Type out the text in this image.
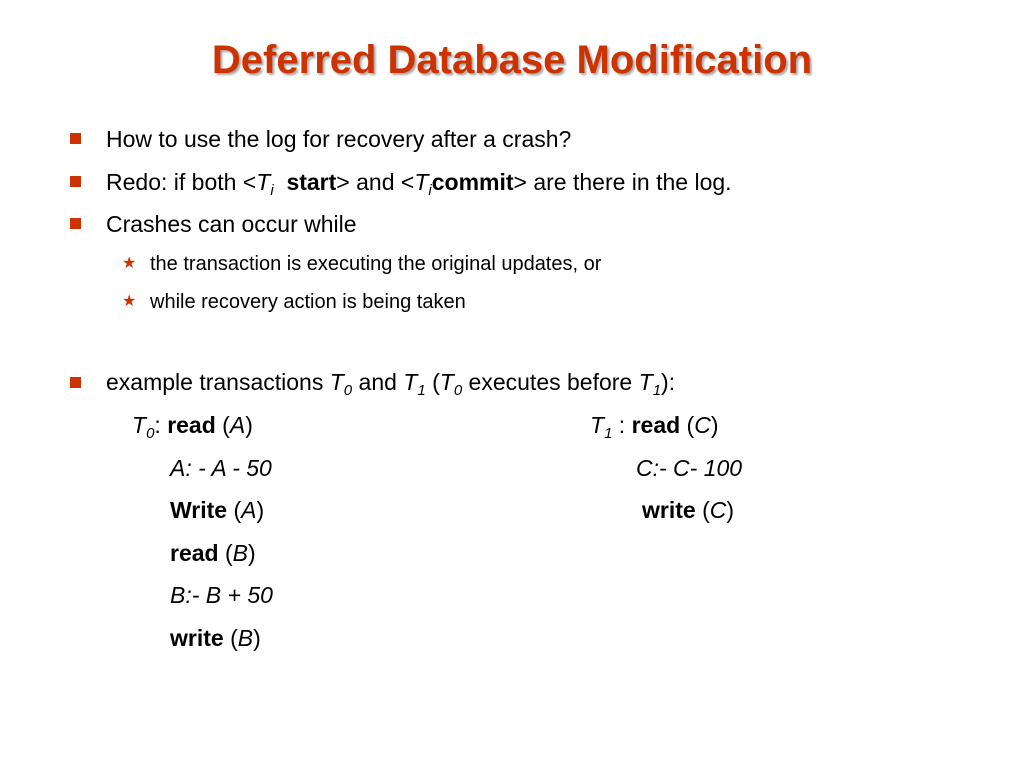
Deferred Database Modification
How to use the log for recovery after a crash?
Redo: if both $<T_i$ start> and $<T_icommit>$ are there in the log.
Crashes can occur while
★ the transaction is executing the original updates, or
★ while recovery action is being taken
example transactions $T_0$ and $T_1$ ($T_0$ executes before $T_1$):
$T_0$: read (A)
A: - A - 50
Write (A)
read (B)
B:- B + 50
write (B)
$T_1$ : read (C)
C:- C- 100
write (C)
